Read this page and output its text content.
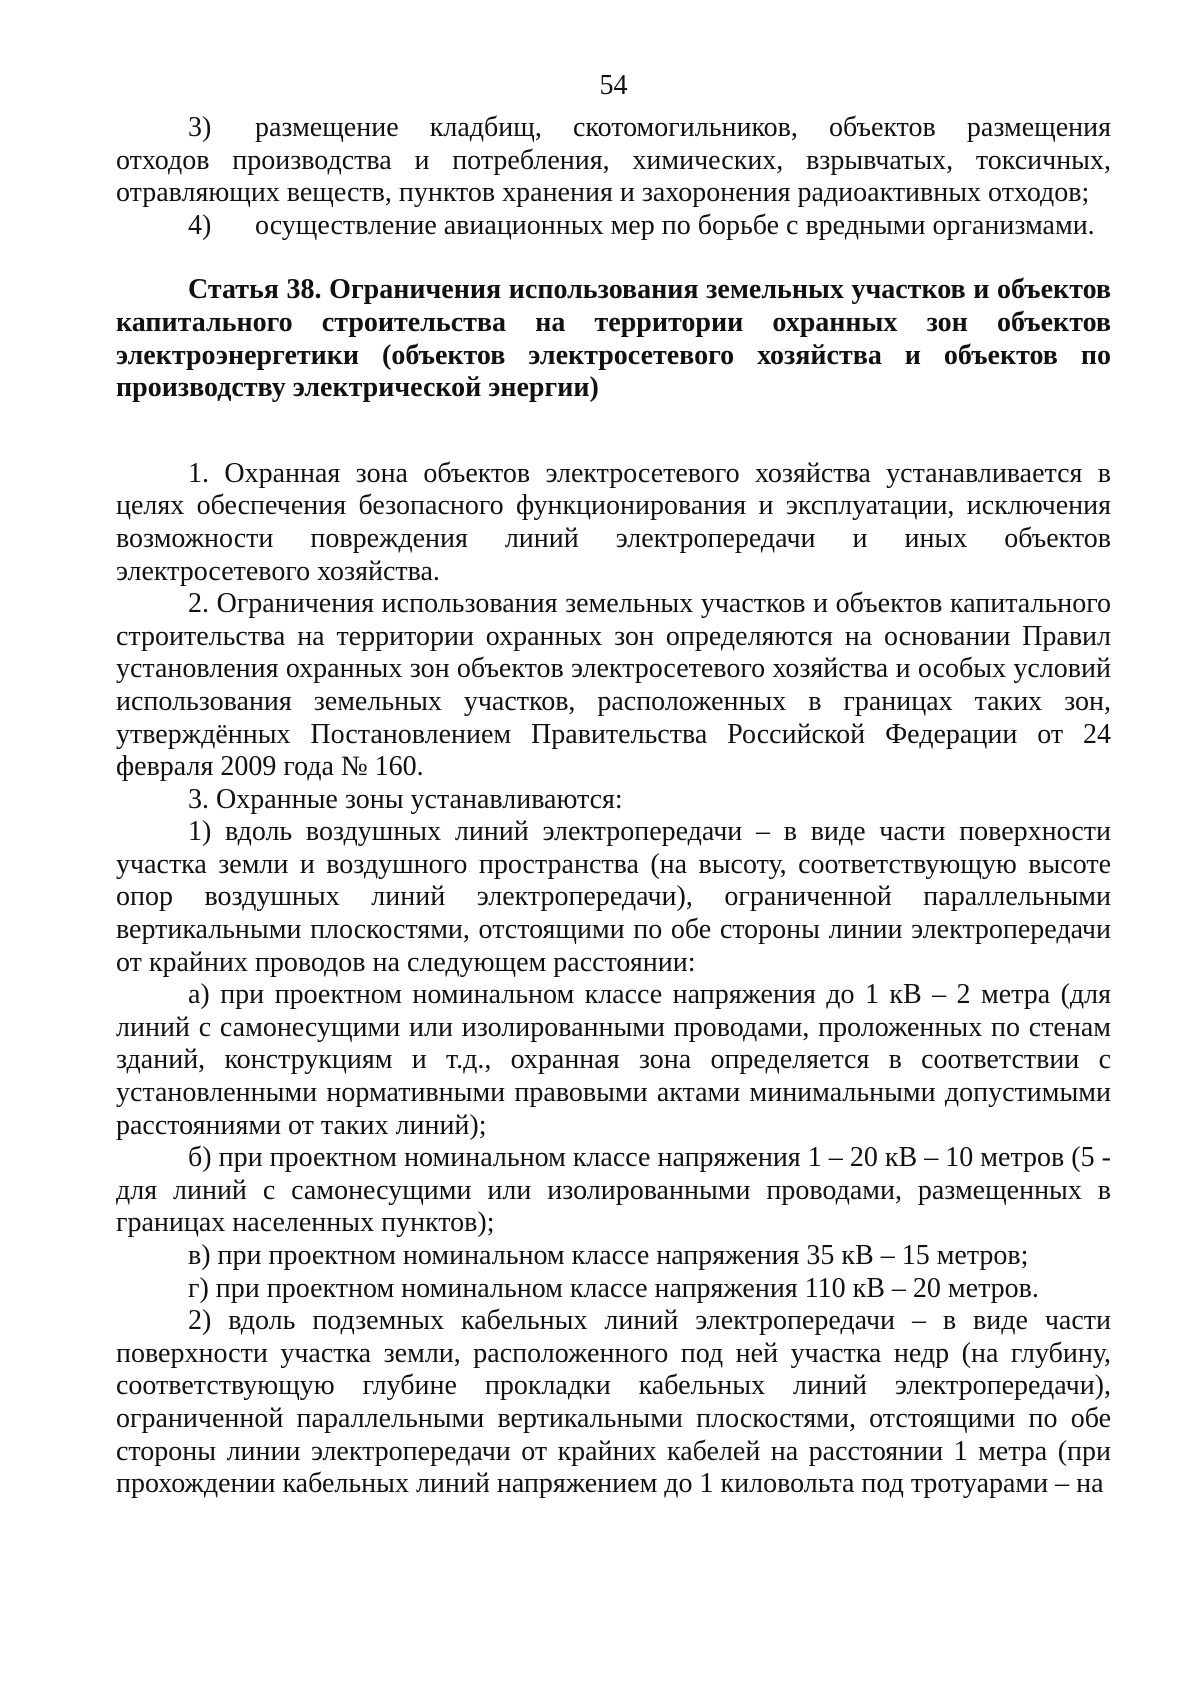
54

3) размещение кладбищ, скотомогильников, объектов размещения отходов производства и потребления, химических, взрывчатых, токсичных, отравляющих веществ, пунктов хранения и захоронения радиоактивных отходов;

4) осуществление авиационных мер по борьбе с вредными организмами.

Статья 38. Ограничения использования земельных участков и объектов капитального строительства на территории охранных зон объектов электроэнергетики (объектов электросетевого хозяйства и объектов по производству электрической энергии)

1. Охранная зона объектов электросетевого хозяйства устанавливается в целях обеспечения безопасного функционирования и эксплуатации, исключения возможности повреждения линий электропередачи и иных объектов электросетевого хозяйства.

2. Ограничения использования земельных участков и объектов капитального строительства на территории охранных зон определяются на основании Правил установления охранных зон объектов электросетевого хозяйства и особых условий использования земельных участков, расположенных в границах таких зон, утверждённых Постановлением Правительства Российской Федерации от 24 февраля 2009 года № 160.

3. Охранные зоны устанавливаются:

1) вдоль воздушных линий электропередачи – в виде части поверхности участка земли и воздушного пространства (на высоту, соответствующую высоте опор воздушных линий электропередачи), ограниченной параллельными вертикальными плоскостями, отстоящими по обе стороны линии электропередачи от крайних проводов на следующем расстоянии:

а) при проектном номинальном классе напряжения до 1 кВ – 2 метра (для линий с самонесущими или изолированными проводами, проложенных по стенам зданий, конструкциям и т.д., охранная зона определяется в соответствии с установленными нормативными правовыми актами минимальными допустимыми расстояниями от таких линий);

б) при проектном номинальном классе напряжения 1 – 20 кВ – 10 метров (5 - для линий с самонесущими или изолированными проводами, размещенных в границах населенных пунктов);

в) при проектном номинальном классе напряжения 35 кВ – 15 метров;

г) при проектном номинальном классе напряжения 110 кВ – 20 метров.

2) вдоль подземных кабельных линий электропередачи – в виде части поверхности участка земли, расположенного под ней участка недр (на глубину, соответствующую глубине прокладки кабельных линий электропередачи), ограниченной параллельными вертикальными плоскостями, отстоящими по обе стороны линии электропередачи от крайних кабелей на расстоянии 1 метра (при прохождении кабельных линий напряжением до 1 киловольта под тротуарами – на
